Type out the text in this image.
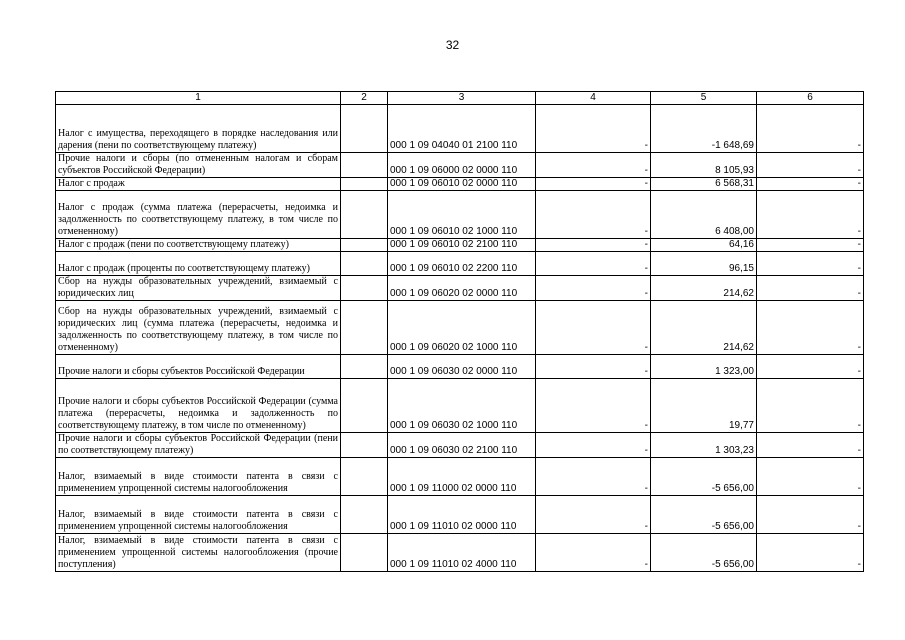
32
1	2	3	4	5	6
Налог с имущества, переходящего в порядке наследования или дарения (пени по соответствующему платежу)		000 1 09 04040 01 2100 110	-	-1 648,69	-
Прочие налоги и сборы (по отмененным налогам и сборам субъектов Российской Федерации)		000 1 09 06000 02 0000 110	-	8 105,93	-
Налог с продаж		000 1 09 06010 02 0000 110	-	6 568,31	-
Налог с продаж (сумма платежа (перерасчеты, недоимка и задолженность по соответствующему платежу, в том числе по отмененному)		000 1 09 06010 02 1000 110	-	6 408,00	-
Налог с продаж (пени по соответствующему платежу)		000 1 09 06010 02 2100 110	-	64,16	-
Налог с продаж (проценты по соответствующему платежу)		000 1 09 06010 02 2200 110	-	96,15	-
Сбор на нужды образовательных учреждений, взимаемый с юридических лиц		000 1 09 06020 02 0000 110	-	214,62	-
Сбор на нужды образовательных учреждений, взимаемый с юридических лиц (сумма платежа (перерасчеты, недоимка и задолженность по соответствующему платежу, в том числе по отмененному)		000 1 09 06020 02 1000 110	-	214,62	-
Прочие налоги и сборы субъектов Российской Федерации		000 1 09 06030 02 0000 110	-	1 323,00	-
Прочие налоги и сборы субъектов Российской Федерации (сумма платежа (перерасчеты, недоимка и задолженность по соответствующему платежу, в том числе по отмененному)		000 1 09 06030 02 1000 110	-	19,77	-
Прочие налоги и сборы субъектов Российской Федерации (пени по соответствующему платежу)		000 1 09 06030 02 2100 110	-	1 303,23	-
Налог, взимаемый в виде стоимости патента в связи с применением упрощенной системы налогообложения		000 1 09 11000 02 0000 110	-	-5 656,00	-
Налог, взимаемый в виде стоимости патента в связи с применением упрощенной системы налогообложения		000 1 09 11010 02 0000 110	-	-5 656,00	-
Налог, взимаемый в виде стоимости патента в связи с применением упрощенной системы налогообложения (прочие поступления)		000 1 09 11010 02 4000 110	-	-5 656,00	-
